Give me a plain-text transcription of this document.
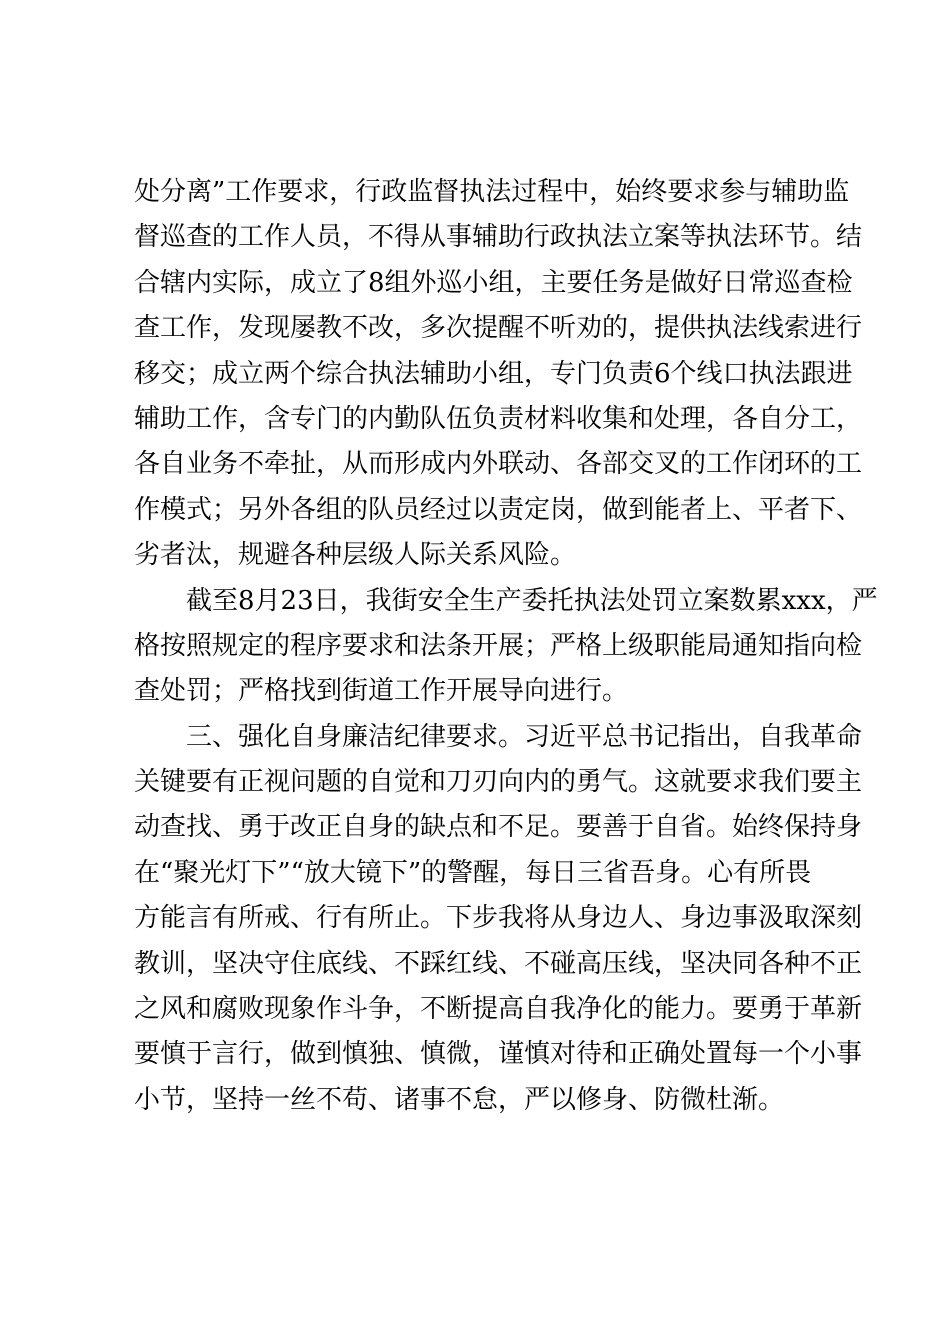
处分离”工作要求，行政监督执法过程中，始终要求参与辅助监
督巡查的工作人员，不得从事辅助行政执法立案等执法环节。结
合辖内实际，成立了8组外巡小组，主要任务是做好日常巡查检
查工作，发现屡教不改，多次提醒不听劝的，提供执法线索进行
移交；成立两个综合执法辅助小组，专门负责6个线口执法跟进
辅助工作，含专门的内勤队伍负责材料收集和处理，各自分工，
各自业务不牵扯，从而形成内外联动、各部交叉的工作闭环的工
作模式；另外各组的队员经过以责定岗，做到能者上、平者下、
劣者汰，规避各种层级人际关系风险。
　　截至8月23日，我街安全生产委托执法处罚立案数累xxx，严
格按照规定的程序要求和法条开展；严格上级职能局通知指向检
查处罚；严格找到街道工作开展导向进行。
　　三、强化自身廉洁纪律要求。习近平总书记指出，自我革命
关键要有正视问题的自觉和刀刃向内的勇气。这就要求我们要主
动查找、勇于改正自身的缺点和不足。要善于自省。始终保持身
在“聚光灯下”“放大镜下”的警醒，每日三省吾身。心有所畏
方能言有所戒、行有所止。下步我将从身边人、身边事汲取深刻
教训，坚决守住底线、不踩红线、不碰高压线，坚决同各种不正
之风和腐败现象作斗争，不断提高自我净化的能力。要勇于革新
要慎于言行，做到慎独、慎微，谨慎对待和正确处置每一个小事
小节，坚持一丝不苟、诸事不怠，严以修身、防微杜渐。
